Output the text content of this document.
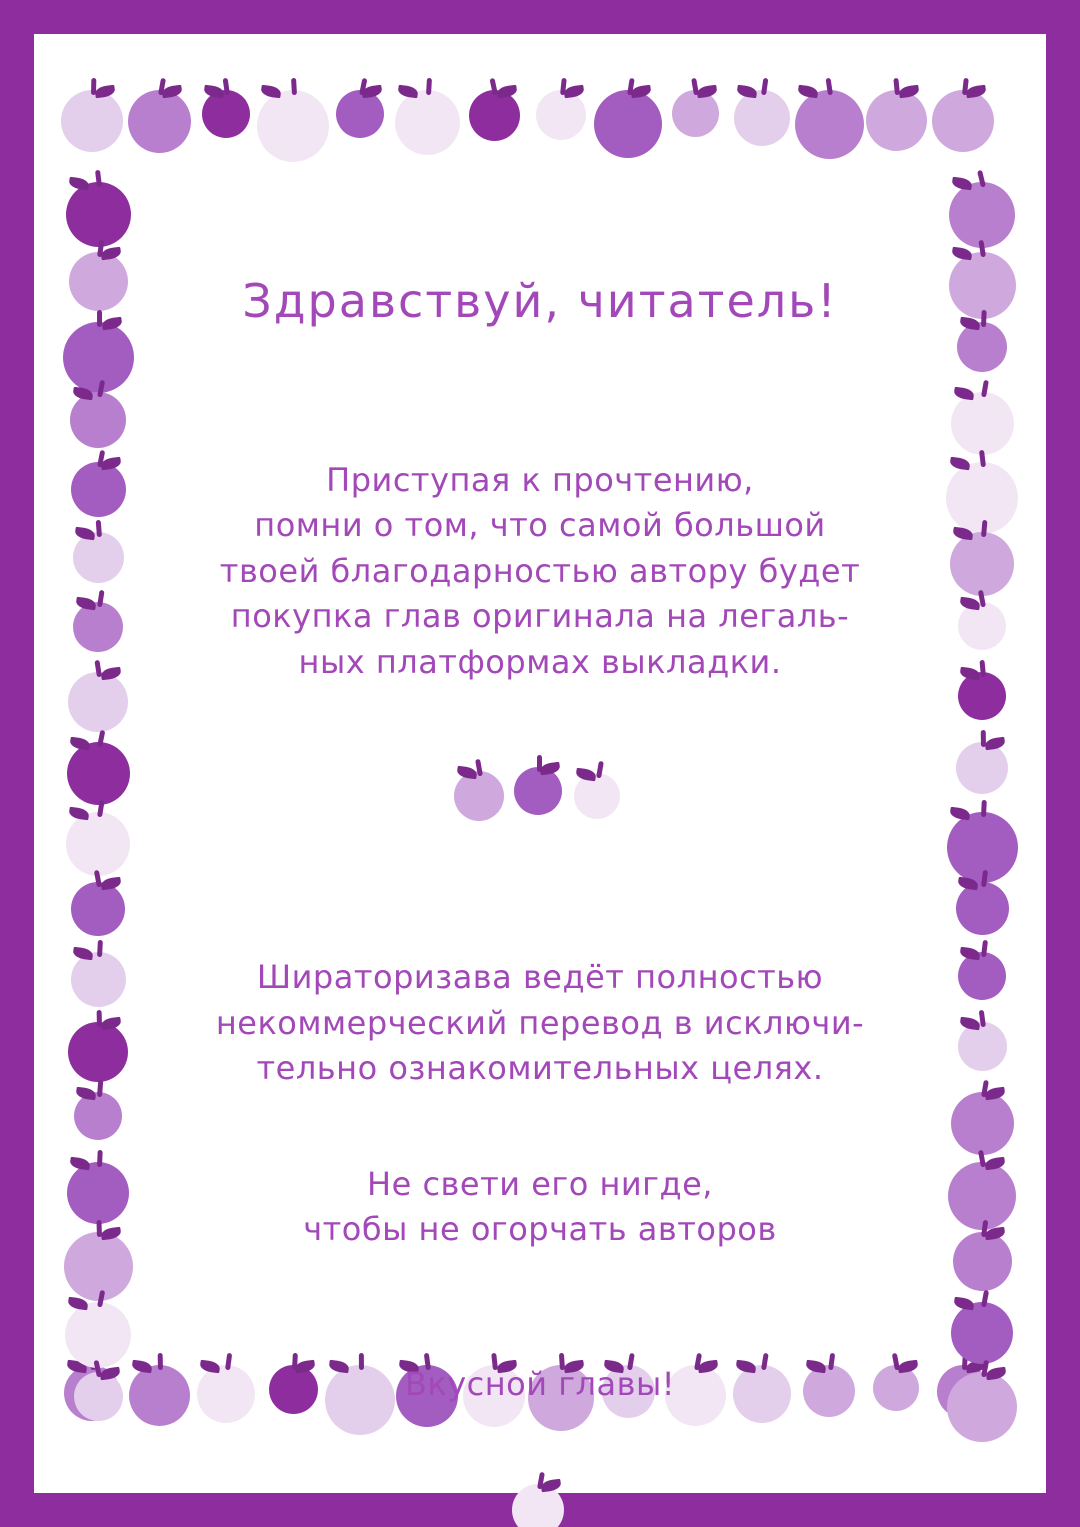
Здравствуй, читатель!

Приступая к прочтению,
помни о том, что самой большой
твоей благодарностью автору будет
покупка глав оригинала на легаль-
ных платформах выкладки.

Шираторизава ведёт полностью
некоммерческий перевод в исключи-
тельно ознакомительных целях.

Не свети его нигде,
чтобы не огорчать авторов

Вкусной главы!
